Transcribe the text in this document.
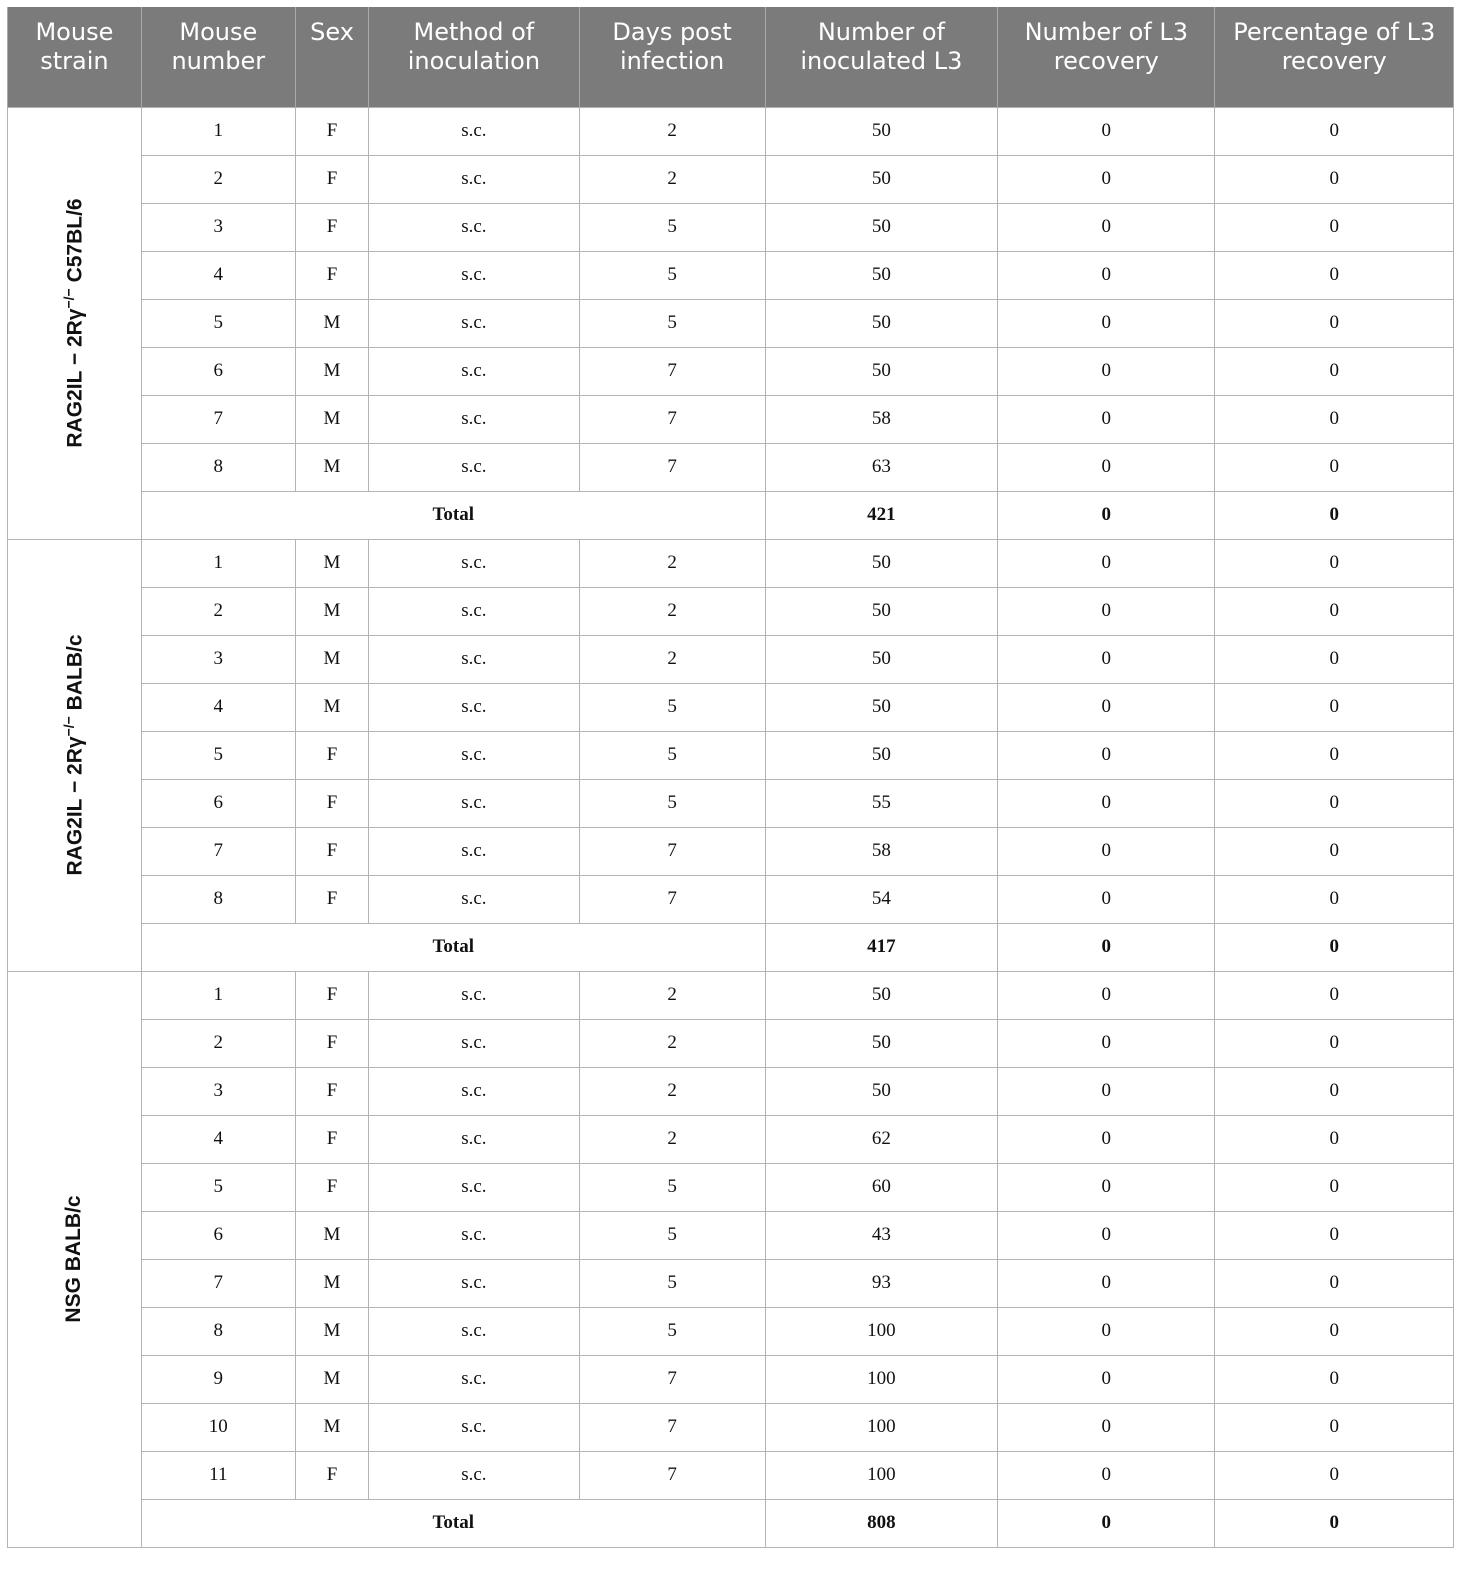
Mouse strain	Mouse number	Sex	Method of inoculation	Days post infection	Number of inoculated L3	Number of L3 recovery	Percentage of L3 recovery

RAG2IL − 2Rγ−/− C57BL/6	1	F	s.c.	2	50	0	0
	2	F	s.c.	2	50	0	0
	3	F	s.c.	5	50	0	0
	4	F	s.c.	5	50	0	0
	5	M	s.c.	5	50	0	0
	6	M	s.c.	7	50	0	0
	7	M	s.c.	7	58	0	0
	8	M	s.c.	7	63	0	0
	Total				421	0	0

RAG2IL − 2Rγ−/− BALB/c	1	M	s.c.	2	50	0	0
	2	M	s.c.	2	50	0	0
	3	M	s.c.	2	50	0	0
	4	M	s.c.	5	50	0	0
	5	F	s.c.	5	50	0	0
	6	F	s.c.	5	55	0	0
	7	F	s.c.	7	58	0	0
	8	F	s.c.	7	54	0	0
	Total				417	0	0

NSG BALB/c	1	F	s.c.	2	50	0	0
	2	F	s.c.	2	50	0	0
	3	F	s.c.	2	50	0	0
	4	F	s.c.	2	62	0	0
	5	F	s.c.	5	60	0	0
	6	M	s.c.	5	43	0	0
	7	M	s.c.	5	93	0	0
	8	M	s.c.	5	100	0	0
	9	M	s.c.	7	100	0	0
	10	M	s.c.	7	100	0	0
	11	F	s.c.	7	100	0	0
	Total				808	0	0
